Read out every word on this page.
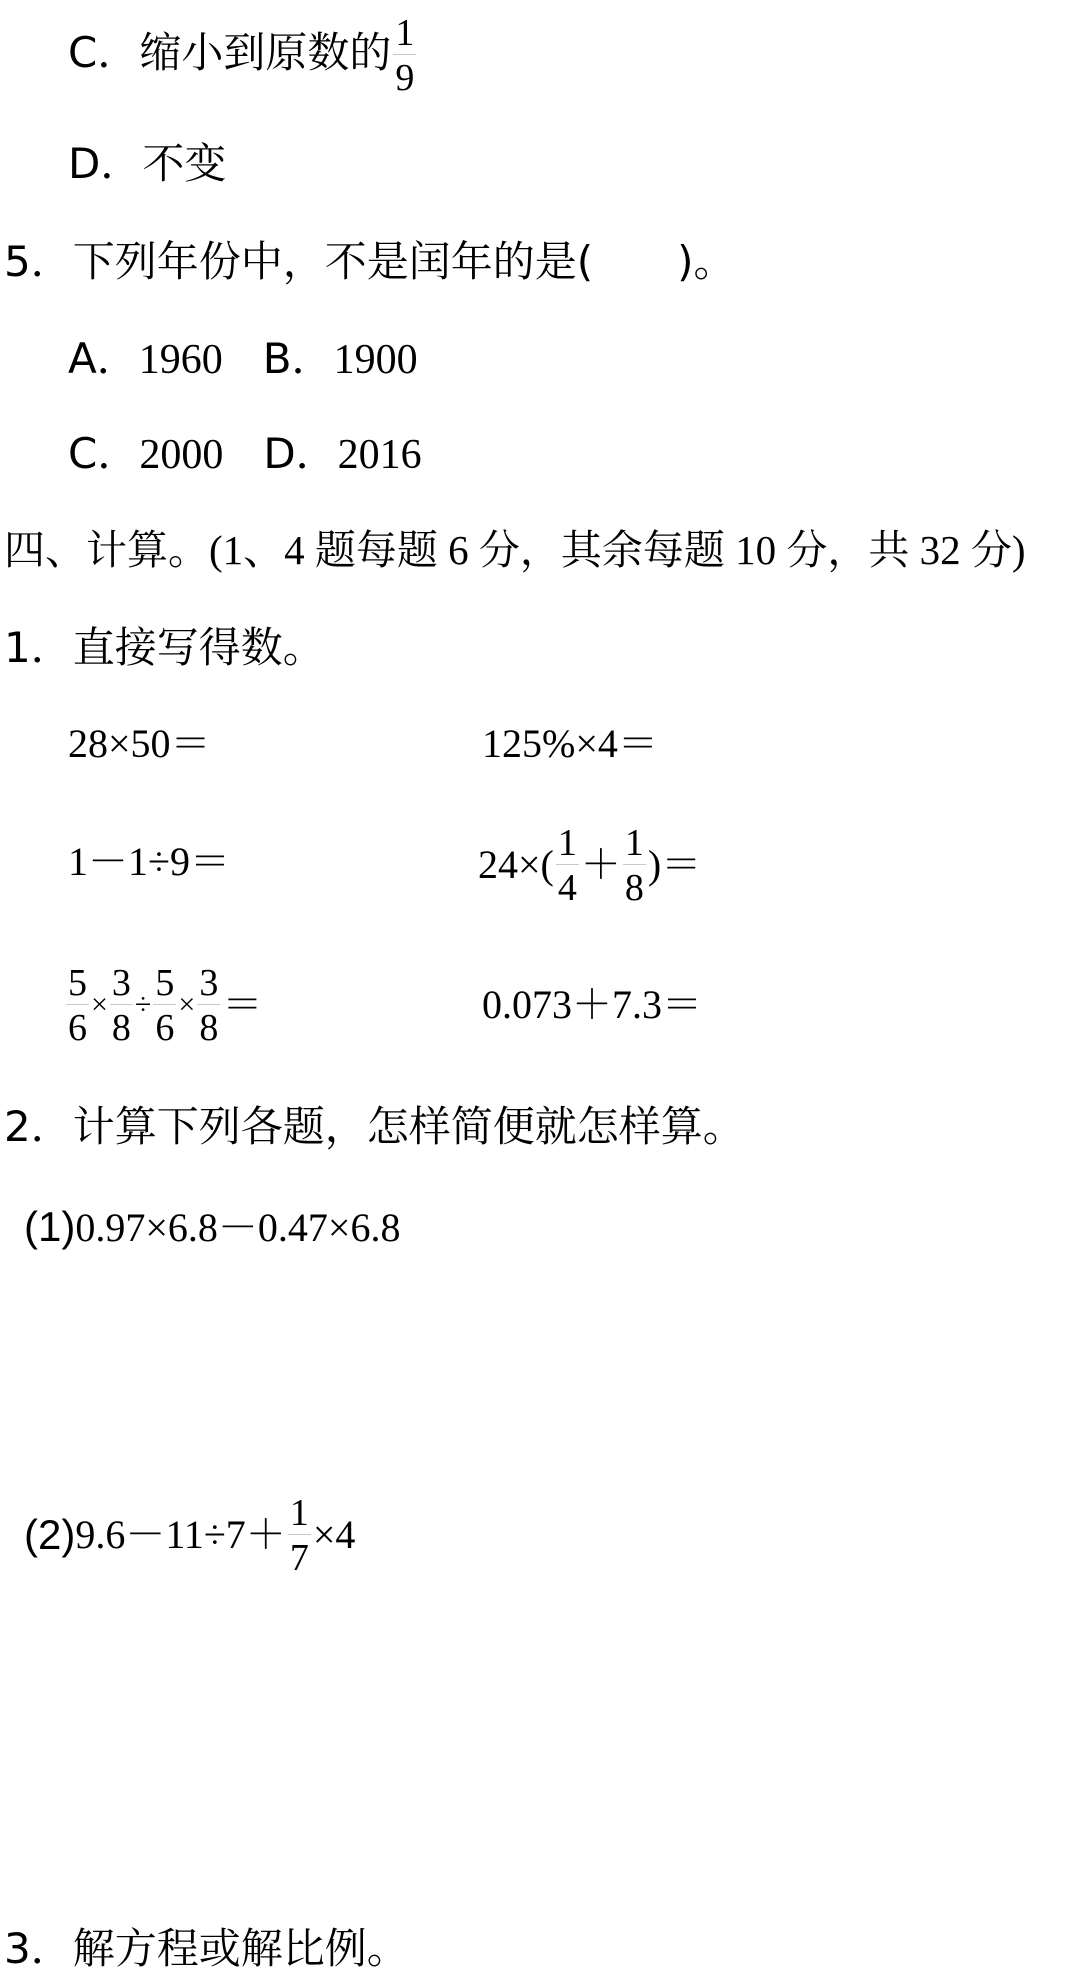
C．缩小到原数的 $\frac{1}{9}$
D．不变
5．下列年份中，不是闰年的是(　　)。
A．1960 B．1900
C．2000 D．2016
四、计算。(1、4 题每题 6 分，其余每题 10 分，共 32 分)
1．直接写得数。
28×50＝	125%×4＝
1－1÷9＝	$24\times( \frac{1}{4} + \frac{1}{8}$ )＝
$\frac{5}{6} \times \frac{3}{8} \div \frac{5}{6} \times \frac{3}{8}$ ＝	0.073＋7.3＝
2．计算下列各题，怎样简便就怎样算。
(1)0.97×6.8－0.47×6.8
(2) $9.6-11\div 7+ \frac{1}{7} \times 4$
3．解方程或解比例。
